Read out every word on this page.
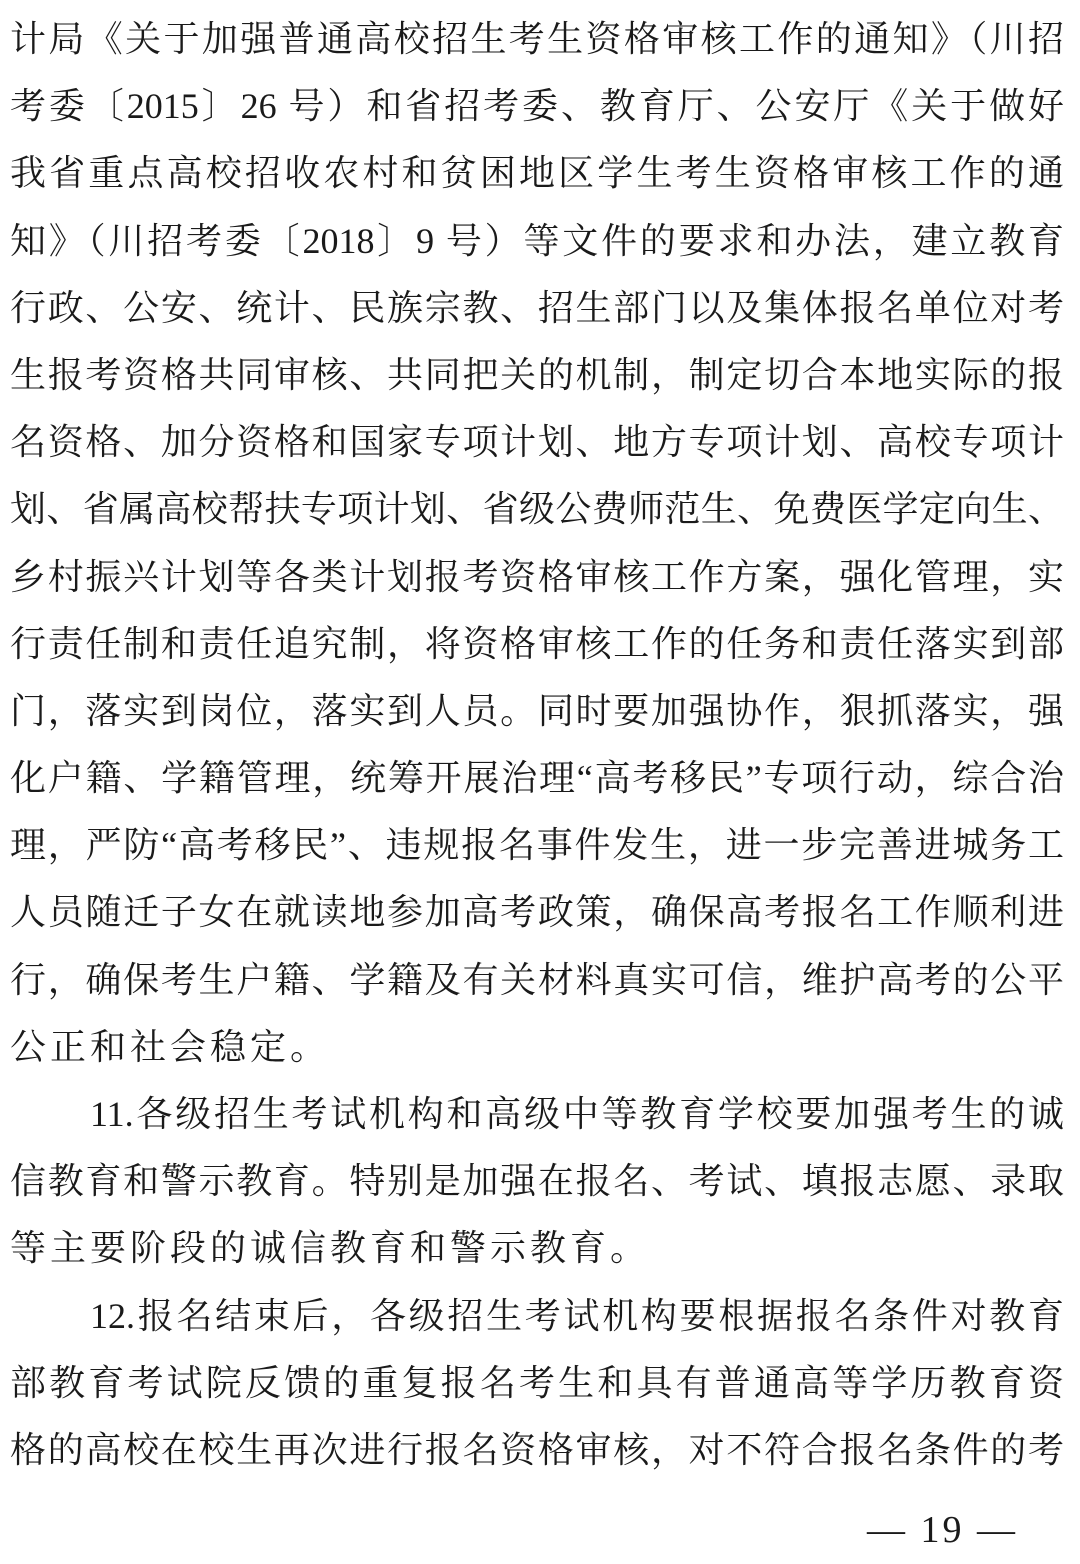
计局《关于加强普通高校招生考生资格审核工作的通知》（川招
考委〔2015〕26 号）和省招考委、教育厅、公安厅《关于做好
我省重点高校招收农村和贫困地区学生考生资格审核工作的通
知》（川招考委〔2018〕9 号）等文件的要求和办法，建立教育
行政、公安、统计、民族宗教、招生部门以及集体报名单位对考
生报考资格共同审核、共同把关的机制，制定切合本地实际的报
名资格、加分资格和国家专项计划、地方专项计划、高校专项计
划、省属高校帮扶专项计划、省级公费师范生、免费医学定向生、
乡村振兴计划等各类计划报考资格审核工作方案，强化管理，实
行责任制和责任追究制，将资格审核工作的任务和责任落实到部
门，落实到岗位，落实到人员。同时要加强协作，狠抓落实，强
化户籍、学籍管理，统筹开展治理“高考移民”专项行动，综合治
理，严防“高考移民”、违规报名事件发生，进一步完善进城务工
人员随迁子女在就读地参加高考政策，确保高考报名工作顺利进
行，确保考生户籍、学籍及有关材料真实可信，维护高考的公平
公正和社会稳定。
11.各级招生考试机构和高级中等教育学校要加强考生的诚
信教育和警示教育。特别是加强在报名、考试、填报志愿、录取
等主要阶段的诚信教育和警示教育。
12.报名结束后，各级招生考试机构要根据报名条件对教育
部教育考试院反馈的重复报名考生和具有普通高等学历教育资
格的高校在校生再次进行报名资格审核，对不符合报名条件的考
— 19 —
